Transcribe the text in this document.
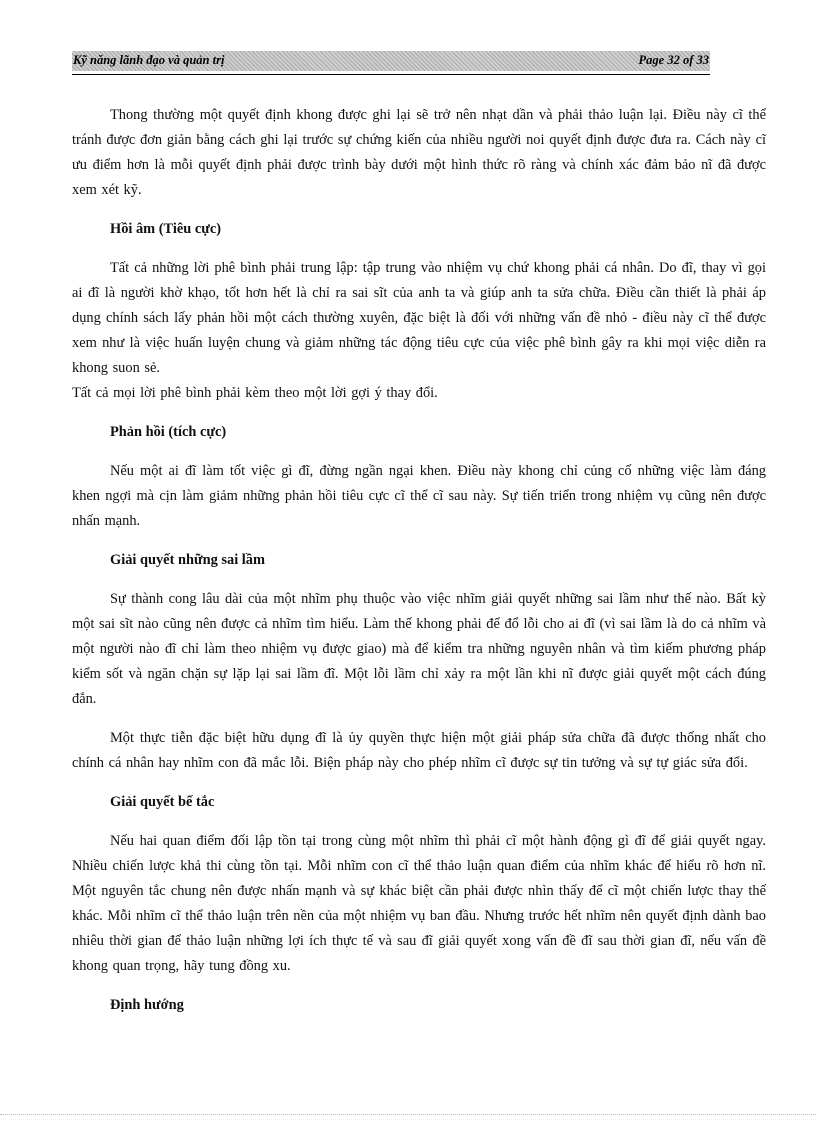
Kỹ năng lãnh đạo và quản trị	Page 32 of 33

Thong thường một quyết định khong được ghi lại sẽ trở nên nhạt dần và phải thảo luận lại. Điều này cĩ thể tránh được đơn giản bằng cách ghi lại trước sự chứng kiến của nhiều người noi quyết định được đưa ra. Cách này cĩ ưu điểm hơn là mỗi quyết định phải được trình bày dưới một hình thức rõ ràng và chính xác đảm bảo nĩ đã được xem xét kỹ.

Hồi âm (Tiêu cực)

Tất cả những lời phê bình phải trung lập: tập trung vào nhiệm vụ chứ khong phải cá nhân. Do đĩ, thay vì gọi ai đĩ là người khờ khạo, tốt hơn hết là chỉ ra sai sĩt của anh ta và giúp anh ta sửa chữa. Điều cần thiết là phải áp dụng chính sách lấy phản hồi một cách thường xuyên, đặc biệt là đối với những vấn đề nhỏ - điều này cĩ thể được xem như là việc huấn luyện chung và giảm những tác động tiêu cực của việc phê bình gây ra khi mọi việc diễn ra khong suon sẻ.

Tất cả mọi lời phê bình phải kèm theo một lời gợi ý thay đổi.

Phản hồi (tích cực)

Nếu một ai đĩ làm tốt việc gì đĩ, đừng ngần ngại khen. Điều này khong chỉ củng cố những việc làm đáng khen ngợi mà cịn làm giảm những phản hồi tiêu cực cĩ thể cĩ sau này. Sự tiến triển trong nhiệm vụ cũng nên được nhấn mạnh.

Giải quyết những sai lầm

Sự thành cong lâu dài của một nhĩm phụ thuộc vào việc nhĩm giải quyết những sai lầm như thế nào. Bất kỳ một sai sĩt nào cũng nên được cả nhĩm tìm hiểu. Làm thế khong phải để đổ lỗi cho ai đĩ (vì sai lầm là do cả nhĩm và một người nào đĩ chỉ làm theo nhiệm vụ được giao) mà để kiểm tra những nguyên nhân và tìm kiếm phương pháp kiểm sốt và ngăn chặn sự lặp lại sai lầm đĩ. Một lỗi lầm chỉ xảy ra một lần khi nĩ được giải quyết một cách đúng đắn.

Một thực tiễn đặc biệt hữu dụng đĩ là ủy quyền thực hiện một giải pháp sửa chữa đã được thống nhất cho chính cá nhân hay nhĩm con đã mắc lỗi. Biện pháp này cho phép nhĩm cĩ được sự tin tưởng và sự tự giác sửa đổi.

Giải quyết bế tắc

Nếu hai quan điểm đối lập tồn tại trong cùng một nhĩm thì phải cĩ một hành động gì đĩ để giải quyết ngay. Nhiều chiến lược khả thi cùng tồn tại. Mỗi nhĩm con cĩ thể thảo luận quan điểm của nhĩm khác để hiểu rõ hơn nĩ. Một nguyên tắc chung nên được nhấn mạnh và sự khác biệt cần phải được nhìn thấy để cĩ một chiến lược thay thế khác. Mỗi nhĩm cĩ thể thảo luận trên nền của một nhiệm vụ ban đầu. Nhưng trước hết nhĩm nên quyết định dành bao nhiêu thời gian để thảo luận những lợi ích thực tế và sau đĩ giải quyết xong vấn đề đĩ sau thời gian đĩ, nếu vấn đề khong quan trọng, hãy tung đồng xu.

Định hướng
